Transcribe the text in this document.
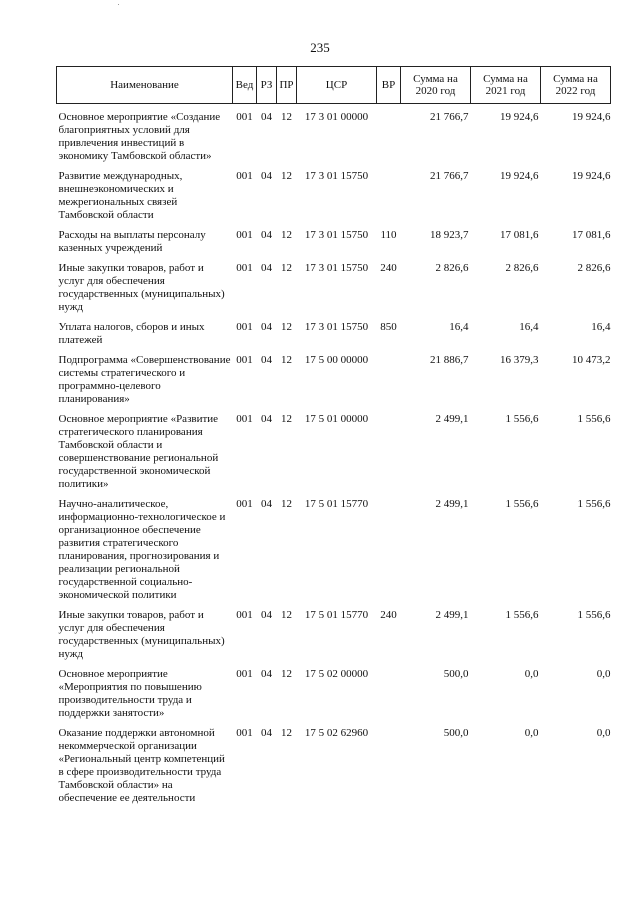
235
Наименование	Вед	РЗ	ПР	ЦСР	ВР	Сумма на 2020 год	Сумма на 2021 год	Сумма на 2022 год

Основное мероприятие «Создание благоприятных условий для привлечения инвестиций в экономику Тамбовской области»	001	04	12	17 3 01 00000		21 766,7	19 924,6	19 924,6
Развитие международных, внешнеэкономических и межрегиональных связей Тамбовской области	001	04	12	17 3 01 15750		21 766,7	19 924,6	19 924,6
Расходы на выплаты персоналу казенных учреждений	001	04	12	17 3 01 15750	110	18 923,7	17 081,6	17 081,6
Иные закупки товаров, работ и услуг для обеспечения государственных (муниципальных) нужд	001	04	12	17 3 01 15750	240	2 826,6	2 826,6	2 826,6
Уплата налогов, сборов и иных платежей	001	04	12	17 3 01 15750	850	16,4	16,4	16,4
Подпрограмма «Совершенствование системы стратегического и программно-целевого планирования»	001	04	12	17 5 00 00000		21 886,7	16 379,3	10 473,2
Основное мероприятие «Развитие стратегического планирования Тамбовской области и совершенствование региональной государственной экономической политики»	001	04	12	17 5 01 00000		2 499,1	1 556,6	1 556,6
Научно-аналитическое, информационно-технологическое и организационное обеспечение развития стратегического планирования, прогнозирования и реализации региональной государственной социально-экономической политики	001	04	12	17 5 01 15770		2 499,1	1 556,6	1 556,6
Иные закупки товаров, работ и услуг для обеспечения государственных (муниципальных) нужд	001	04	12	17 5 01 15770	240	2 499,1	1 556,6	1 556,6
Основное мероприятие «Мероприятия по повышению производительности труда и поддержки занятости»	001	04	12	17 5 02 00000		500,0	0,0	0,0
Оказание поддержки автономной некоммерческой организации «Региональный центр компетенций в сфере производительности труда Тамбовской области» на обеспечение ее деятельности	001	04	12	17 5 02 62960		500,0	0,0	0,0
